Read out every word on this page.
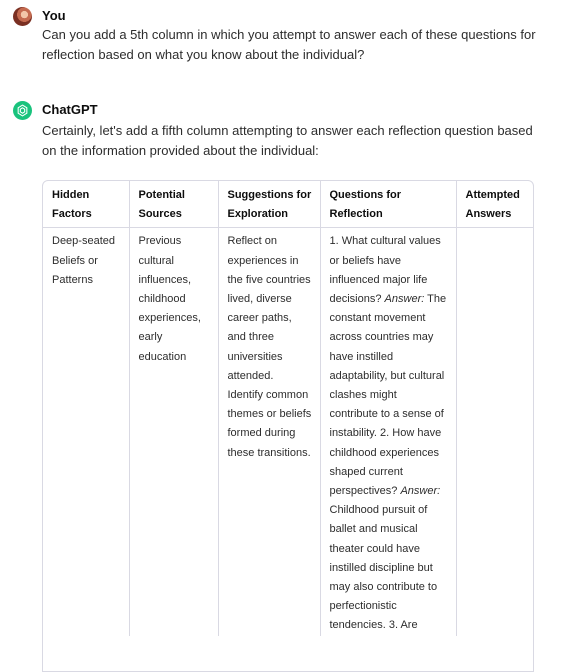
You
Can you add a 5th column in which you attempt to answer each of these questions for reflection based on what you know about the individual?
ChatGPT
Certainly, let's add a fifth column attempting to answer each reflection question based on the information provided about the individual:
Hidden Factors	Potential Sources	Suggestions for Exploration	Questions for Reflection	Attempted Answers
Deep-seated Beliefs or Patterns	Previous cultural influences, childhood experiences, early education	Reflect on experiences in the five countries lived, diverse career paths, and three universities attended. Identify common themes or beliefs formed during these transitions.	1. What cultural values or beliefs have influenced major life decisions? Answer: The constant movement across countries may have instilled adaptability, but cultural clashes might contribute to a sense of instability. 2. How have childhood experiences shaped current perspectives? Answer: Childhood pursuit of ballet and musical theater could have instilled discipline but may also contribute to perfectionistic tendencies. 3. Are	
